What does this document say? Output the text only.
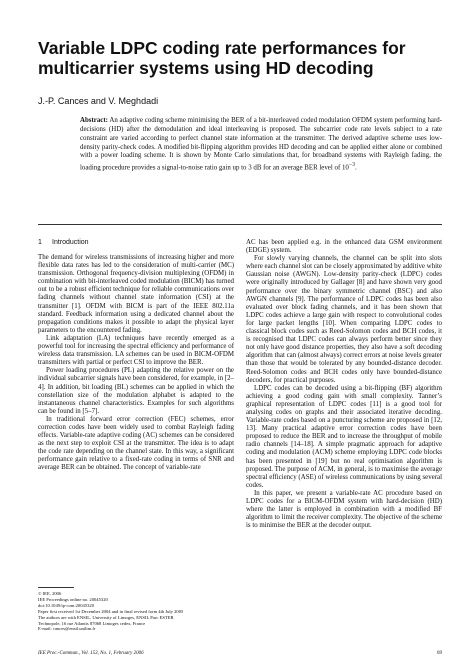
Variable LDPC coding rate performances for multicarrier systems using HD decoding
J.-P. Cances and V. Meghdadi

Abstract: An adaptive coding scheme minimising the BER of a bit-interleaved coded modulation OFDM system performing hard-decisions (HD) after the demodulation and ideal interleaving is proposed. The subcarrier code rate levels subject to a rate constraint are varied according to perfect channel state information at the transmitter. The derived adaptive scheme uses low-density parity-check codes. A modified bit-flipping algorithm provides HD decoding and can be applied either alone or combined with a power loading scheme. It is shown by Monte Carlo simulations that, for broadband systems with Rayleigh fading, the loading procedure provides a signal-to-noise ratio gain up to 3 dB for an average BER level of $10^{-3}$.

1 Introduction

The demand for wireless transmissions of increasing higher and more flexible data rates has led to the consideration of multi-carrier (MC) transmission. Orthogonal frequency-division multiplexing (OFDM) in combination with bit-interleaved coded modulation (BICM) has turned out to be a robust efficient technique for reliable communications over fading channels without channel state information (CSI) at the transmitter [1]. OFDM with BICM is part of the IEEE 802.11a standard. Feedback information using a dedicated channel about the propagation conditions makes it possible to adapt the physical layer parameters to the encountered fading.

Link adaptation (LA) techniques have recently emerged as a powerful tool for increasing the spectral efficiency and performance of wireless data transmission. LA schemes can be used in BICM-OFDM transmitters with partial or perfect CSI to improve the BER.

Power loading procedures (PL) adapting the relative power on the individual subcarrier signals have been considered, for example, in [2–4]. In addition, bit loading (BL) schemes can be applied in which the constellation size of the modulation alphabet is adapted to the instantaneous channel characteristics. Examples for such algorithms can be found in [5–7].

In traditional forward error correction (FEC) schemes, error correction codes have been widely used to combat Rayleigh fading effects. Variable-rate adaptive coding (AC) schemes can be considered as the next step to exploit CSI at the transmitter. The idea is to adapt the code rate depending on the channel state. In this way, a significant performance gain relative to a fixed-rate coding in terms of SNR and average BER can be obtained. The concept of variable-rate

AC has been applied e.g. in the enhanced data GSM environment (EDGE) system.

For slowly varying channels, the channel can be split into slots where each channel slot can be closely approximated by additive white Gaussian noise (AWGN). Low-density parity-check (LDPC) codes were originally introduced by Gallager [8] and have shown very good performance over the binary symmetric channel (BSC) and also AWGN channels [9]. The performance of LDPC codes has been also evaluated over block fading channels, and it has been shown that LDPC codes achieve a large gain with respect to convolutional codes for large packet lengths [10]. When comparing LDPC codes to classical block codes such as Reed-Solomon codes and BCH codes, it is recognised that LDPC codes can always perform better since they not only have good distance properties, they also have a soft decoding algorithm that can (almost always) correct errors at noise levels greater than those that would be tolerated by any bounded-distance decoder. Reed-Solomon codes and BCH codes only have bounded-distance decoders, for practical purposes.

LDPC codes can be decoded using a bit-flipping (BF) algorithm achieving a good coding gain with small complexity. Tanner’s graphical representation of LDPC codes [11] is a good tool for analysing codes on graphs and their associated iterative decoding. Variable-rate codes based on a puncturing scheme are proposed in [12, 13]. Many practical adaptive error correction codes have been proposed to reduce the BER and to increase the throughput of mobile radio channels [14–18]. A simple pragmatic approach for adaptive coding and modulation (ACM) scheme employing LDPC code blocks has been presented in [19] but no real optimisation algorithm is proposed. The purpose of ACM, in general, is to maximise the average spectral efficiency (ASE) of wireless communications by using several codes.

In this paper, we present a variable-rate AC procedure based on LDPC codes for a BICM-OFDM system with hard-decision (HD) where the latter is employed in combination with a modified BF algorithm to limit the receiver complexity. The objective of the scheme is to minimise the BER at the decoder output.

© IEE, 2006
IEE Proceedings online no. 20045320
doi:10.1049/ip-com:20045320
Paper first received 1st December 2004 and in final revised form 4th July 2005
The authors are with ENSIL, University of Limoges, ENSIL Parc ESTER
Technopole, 16 rue Atlantis 87068 Limoges cedex, France
E-mail: cances@ensil.unilim.fr
IEE Proc.-Commun., Vol. 153, No. 1, February 2006	69
